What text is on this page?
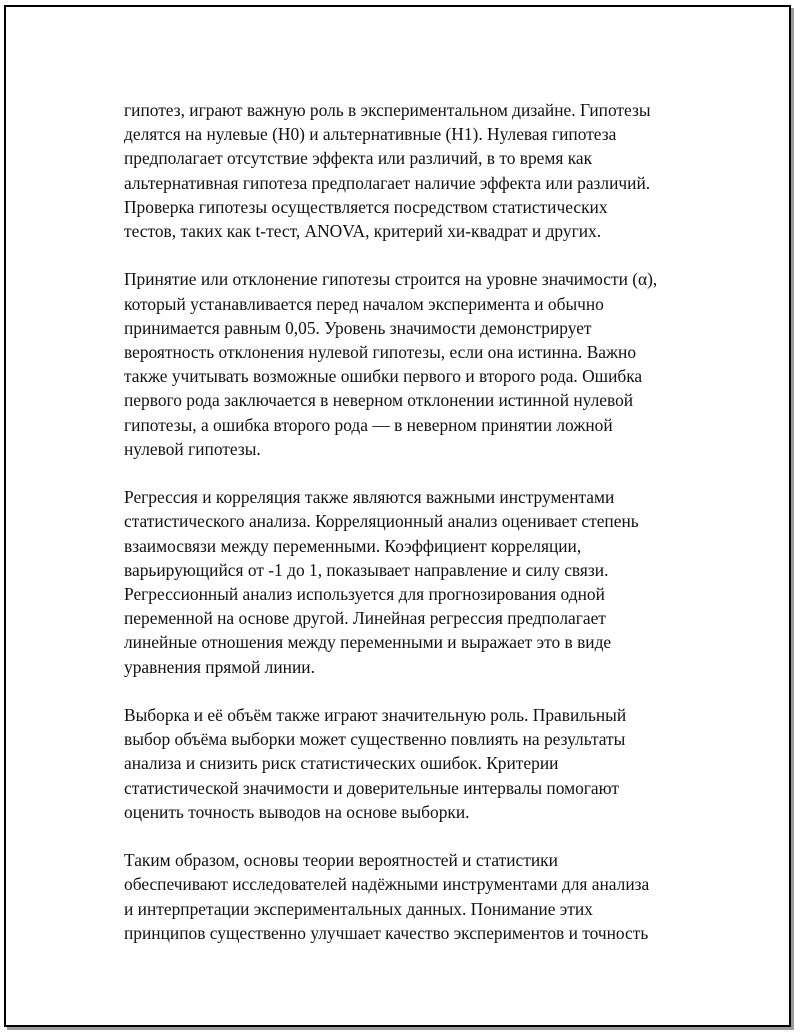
гипотез, играют важную роль в экспериментальном дизайне. Гипотезы
делятся на нулевые (H0) и альтернативные (H1). Нулевая гипотеза
предполагает отсутствие эффекта или различий, в то время как
альтернативная гипотеза предполагает наличие эффекта или различий.
Проверка гипотезы осуществляется посредством статистических
тестов, таких как t-тест, ANOVA, критерий хи-квадрат и других.

Принятие или отклонение гипотезы строится на уровне значимости (α),
который устанавливается перед началом эксперимента и обычно
принимается равным 0,05. Уровень значимости демонстрирует
вероятность отклонения нулевой гипотезы, если она истинна. Важно
также учитывать возможные ошибки первого и второго рода. Ошибка
первого рода заключается в неверном отклонении истинной нулевой
гипотезы, а ошибка второго рода — в неверном принятии ложной
нулевой гипотезы.

Регрессия и корреляция также являются важными инструментами
статистического анализа. Корреляционный анализ оценивает степень
взаимосвязи между переменными. Коэффициент корреляции,
варьирующийся от -1 до 1, показывает направление и силу связи.
Регрессионный анализ используется для прогнозирования одной
переменной на основе другой. Линейная регрессия предполагает
линейные отношения между переменными и выражает это в виде
уравнения прямой линии.

Выборка и её объём также играют значительную роль. Правильный
выбор объёма выборки может существенно повлиять на результаты
анализа и снизить риск статистических ошибок. Критерии
статистической значимости и доверительные интервалы помогают
оценить точность выводов на основе выборки.

Таким образом, основы теории вероятностей и статистики
обеспечивают исследователей надёжными инструментами для анализа
и интерпретации экспериментальных данных. Понимание этих
принципов существенно улучшает качество экспериментов и точность
